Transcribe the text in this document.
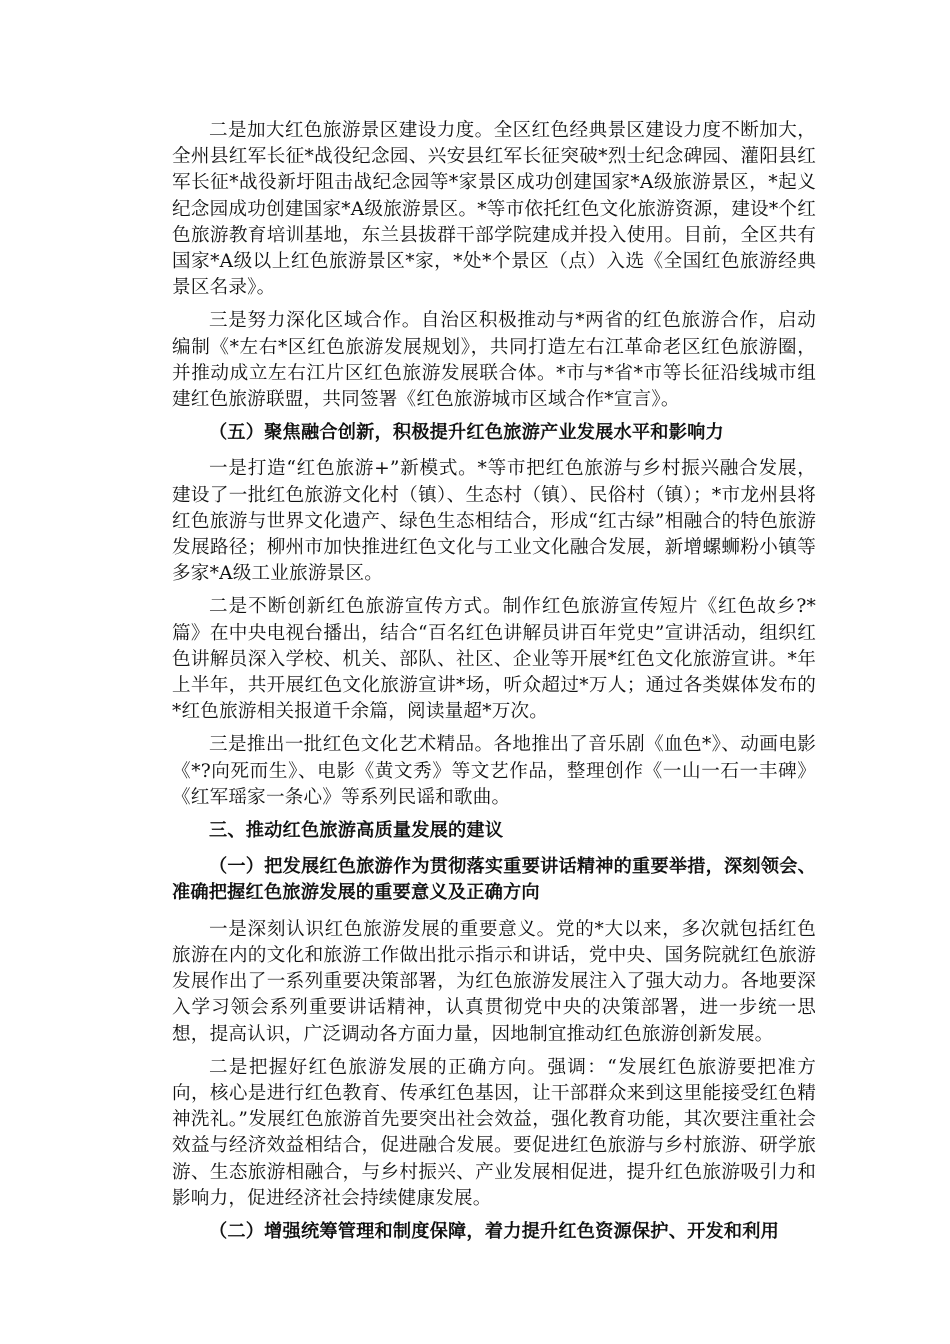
二是加大红色旅游景区建设力度。全区红色经典景区建设力度不断加大，全州县红军长征*战役纪念园、兴安县红军长征突破*烈士纪念碑园、灌阳县红军长征*战役新圩阻击战纪念园等*家景区成功创建国家*A级旅游景区，*起义纪念园成功创建国家*A级旅游景区。*等市依托红色文化旅游资源，建设*个红色旅游教育培训基地，东兰县拔群干部学院建成并投入使用。目前，全区共有国家*A级以上红色旅游景区*家，*处*个景区（点）入选《全国红色旅游经典景区名录》。

三是努力深化区域合作。自治区积极推动与*两省的红色旅游合作，启动编制《*左右*区红色旅游发展规划》，共同打造左右江革命老区红色旅游圈，并推动成立左右江片区红色旅游发展联合体。*市与*省*市等长征沿线城市组建红色旅游联盟，共同签署《红色旅游城市区域合作*宣言》。

（五）聚焦融合创新，积极提升红色旅游产业发展水平和影响力

一是打造“红色旅游+”新模式。*等市把红色旅游与乡村振兴融合发展，建设了一批红色旅游文化村（镇）、生态村（镇）、民俗村（镇）；*市龙州县将红色旅游与世界文化遗产、绿色生态相结合，形成“红古绿”相融合的特色旅游发展路径；柳州市加快推进红色文化与工业文化融合发展，新增螺蛳粉小镇等多家*A级工业旅游景区。

二是不断创新红色旅游宣传方式。制作红色旅游宣传短片《红色故乡?*篇》在中央电视台播出，结合“百名红色讲解员讲百年党史”宣讲活动，组织红色讲解员深入学校、机关、部队、社区、企业等开展*红色文化旅游宣讲。*年上半年，共开展红色文化旅游宣讲*场，听众超过*万人；通过各类媒体发布的*红色旅游相关报道千余篇，阅读量超*万次。

三是推出一批红色文化艺术精品。各地推出了音乐剧《血色*》、动画电影《*?向死而生》、电影《黄文秀》等文艺作品，整理创作《一山一石一丰碑》《红军瑶家一条心》等系列民谣和歌曲。

三、推动红色旅游高质量发展的建议

（一）把发展红色旅游作为贯彻落实重要讲话精神的重要举措，深刻领会、准确把握红色旅游发展的重要意义及正确方向

一是深刻认识红色旅游发展的重要意义。党的*大以来，多次就包括红色旅游在内的文化和旅游工作做出批示指示和讲话，党中央、国务院就红色旅游发展作出了一系列重要决策部署，为红色旅游发展注入了强大动力。各地要深入学习领会系列重要讲话精神，认真贯彻党中央的决策部署，进一步统一思想，提高认识，广泛调动各方面力量，因地制宜推动红色旅游创新发展。

二是把握好红色旅游发展的正确方向。强调：“发展红色旅游要把准方向，核心是进行红色教育、传承红色基因，让干部群众来到这里能接受红色精神洗礼。”发展红色旅游首先要突出社会效益，强化教育功能，其次要注重社会效益与经济效益相结合，促进融合发展。要促进红色旅游与乡村旅游、研学旅游、生态旅游相融合，与乡村振兴、产业发展相促进，提升红色旅游吸引力和影响力，促进经济社会持续健康发展。

（二）增强统筹管理和制度保障，着力提升红色资源保护、开发和利用
